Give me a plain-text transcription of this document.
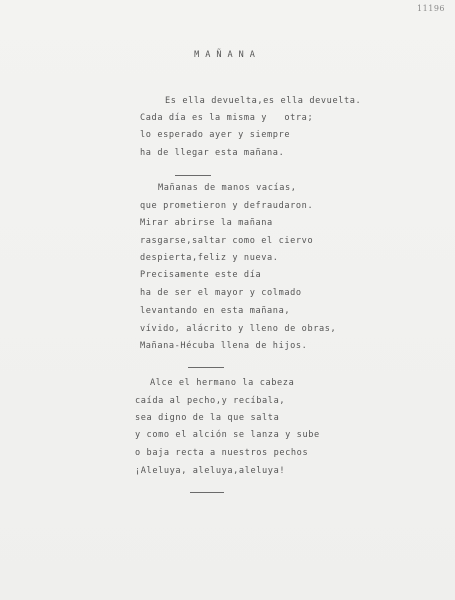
11196
MAÑANA
Es ella devuelta,es ella devuelta.
Cada día es la misma y   otra;
lo esperado ayer y siempre
ha de llegar esta mañana.
Mañanas de manos vacías,
que prometieron y defraudaron.
Mirar abrirse la mañana
rasgarse,saltar como el ciervo
despierta,feliz y nueva.
Precisamente este día
ha de ser el mayor y colmado
levantando en esta mañana,
vívido, alácrito y lleno de obras,
Mañana-Hécuba llena de hijos.
Alce el hermano la cabeza
caída al pecho,y recíbala,
sea digno de la que salta
y como el alción se lanza y sube
o baja recta a nuestros pechos
¡Aleluya, aleluya,aleluya!
